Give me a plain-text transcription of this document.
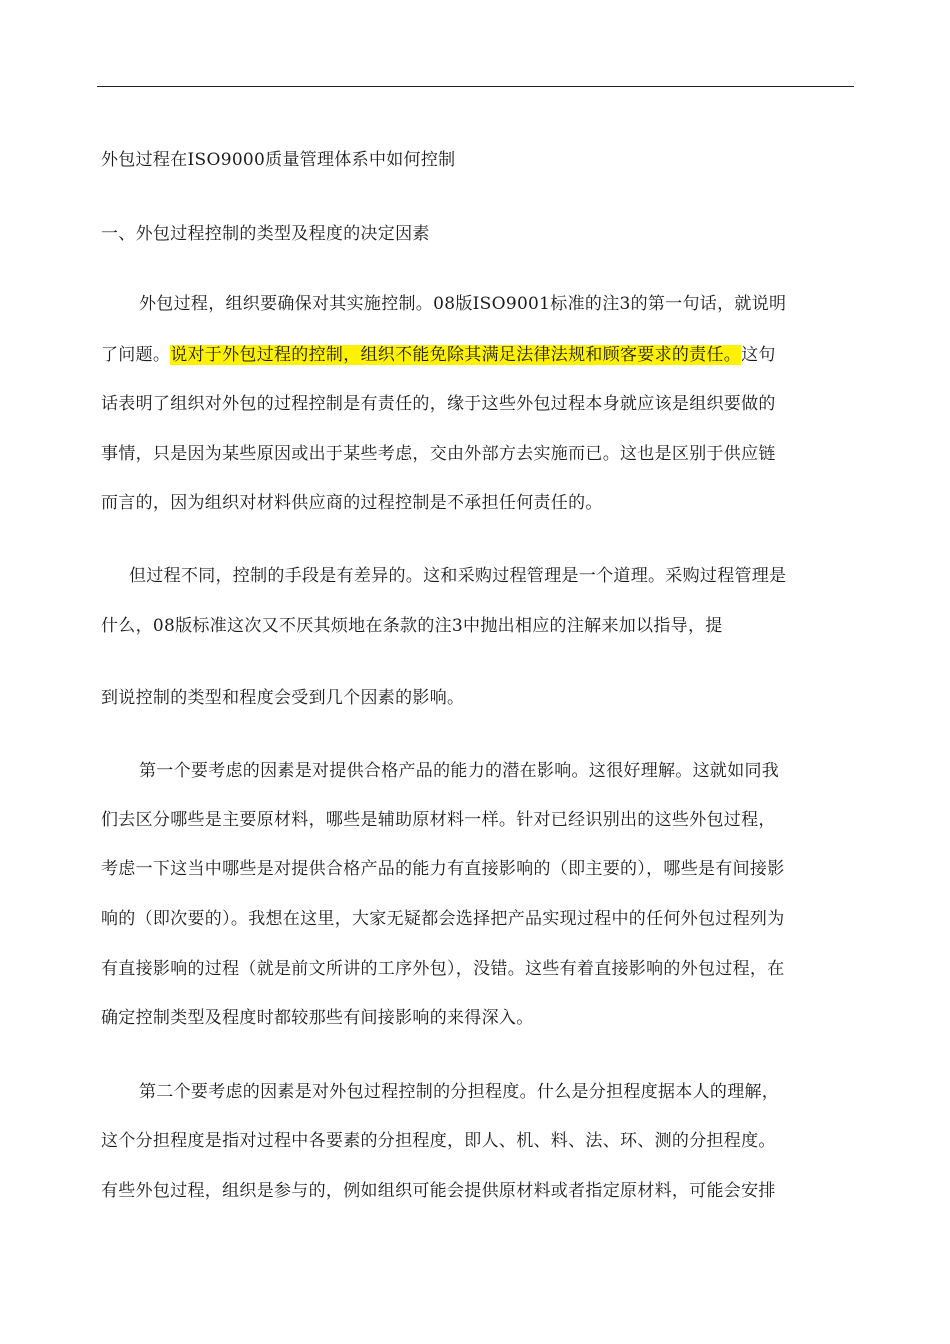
外包过程在ISO9000质量管理体系中如何控制
一、外包过程控制的类型及程度的决定因素
外包过程，组织要确保对其实施控制。08版ISO9001标准的注3的第一句话，就说明
了问题。说对于外包过程的控制，组织不能免除其满足法律法规和顾客要求的责任。这句
话表明了组织对外包的过程控制是有责任的，缘于这些外包过程本身就应该是组织要做的
事情，只是因为某些原因或出于某些考虑，交由外部方去实施而已。这也是区别于供应链
而言的，因为组织对材料供应商的过程控制是不承担任何责任的。
但过程不同，控制的手段是有差异的。这和采购过程管理是一个道理。采购过程管理是
什么，08版标准这次又不厌其烦地在条款的注3中抛出相应的注解来加以指导，提
到说控制的类型和程度会受到几个因素的影响。
第一个要考虑的因素是对提供合格产品的能力的潜在影响。这很好理解。这就如同我
们去区分哪些是主要原材料，哪些是辅助原材料一样。针对已经识别出的这些外包过程，
考虑一下这当中哪些是对提供合格产品的能力有直接影响的（即主要的），哪些是有间接影
响的（即次要的）。我想在这里，大家无疑都会选择把产品实现过程中的任何外包过程列为
有直接影响的过程（就是前文所讲的工序外包），没错。这些有着直接影响的外包过程，在
确定控制类型及程度时都较那些有间接影响的来得深入。
第二个要考虑的因素是对外包过程控制的分担程度。什么是分担程度据本人的理解，
这个分担程度是指对过程中各要素的分担程度，即人、机、料、法、环、测的分担程度。
有些外包过程，组织是参与的，例如组织可能会提供原材料或者指定原材料，可能会安排
